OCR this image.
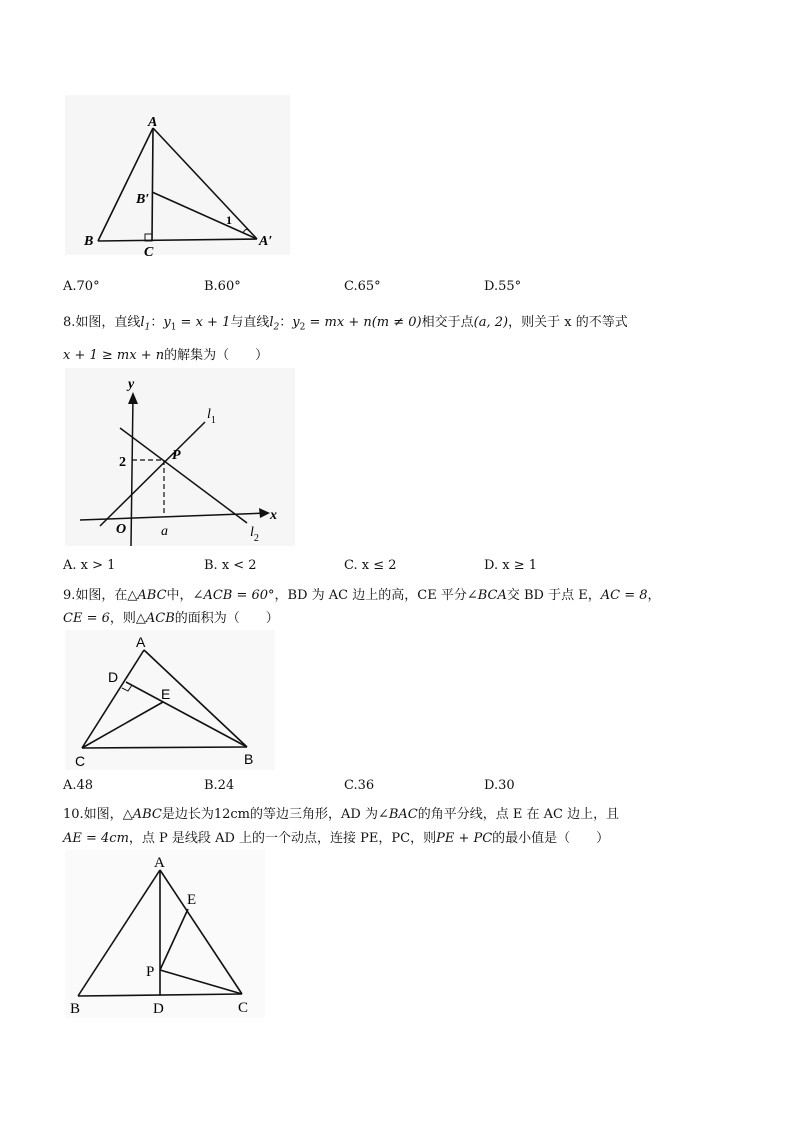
A
B′
B
C
A′
1
A.70°	B.60°	C.65°	D.55°
8.如图，直线$l_1$：$y_1 = x + 1$与直线$l_2$：$y_2$ = mx + n(m ≠ 0)相交于点(a, 2)，则关于 x 的不等式
x + 1 ≥ mx + n的解集为（　　）
y
x
O a
2	P
$l_1$
$l_2$
A. x > 1	B. x < 2	C. x ≤ 2	D. x ≥ 1
9.如图，在△ABC中，∠ACB = 60°，BD 为 AC 边上的高，CE 平分∠BCA交 BD 于点 E，AC = 8，
CE = 6，则△ACB的面积为（　　）
A
D
E
C	B
A.48	B.24	C.36	D.30
10.如图，△ABC是边长为12cm的等边三角形，AD 为∠BAC的角平分线，点 E 在 AC 边上，且
AE = 4cm，点 P 是线段 AD 上的一个动点，连接 PE，PC，则PE + PC的最小值是（　　）
A
E
P
B	D	C
